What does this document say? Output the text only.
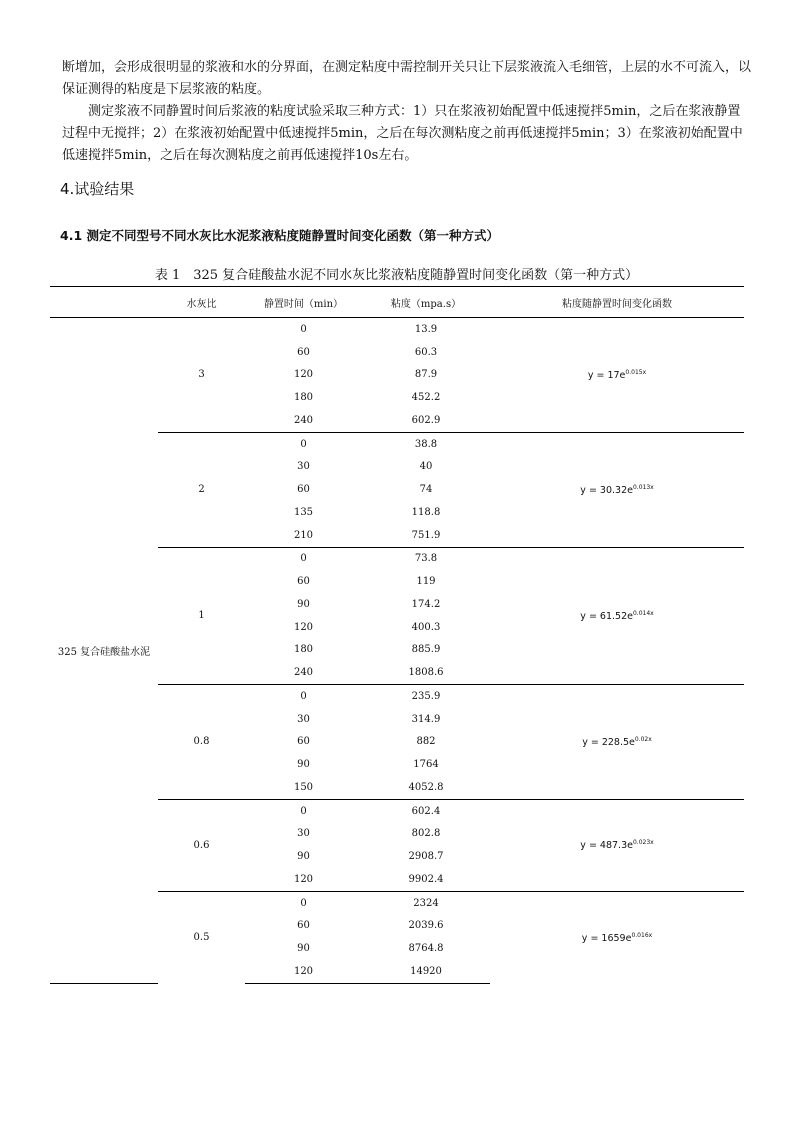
断增加，会形成很明显的浆液和水的分界面，在测定粘度中需控制开关只让下层浆液流入毛细管，上层的水不可流入，以保证测得的粘度是下层浆液的粘度。

测定浆液不同静置时间后浆液的粘度试验采取三种方式：1）只在浆液初始配置中低速搅拌5min，之后在浆液静置过程中无搅拌；2）在浆液初始配置中低速搅拌5min，之后在每次测粘度之前再低速搅拌5min；3）在浆液初始配置中低速搅拌5min，之后在每次测粘度之前再低速搅拌10s左右。

4.试验结果
4.1 测定不同型号不同水灰比水泥浆液粘度随静置时间变化函数（第一种方式）

表 1　325 复合硅酸盐水泥不同水灰比浆液粘度随静置时间变化函数（第一种方式）

	水灰比	静置时间（min）	粘度（mpa.s）	粘度随静置时间变化函数
325 复合硅酸盐水泥	3	0	13.9	$y = 17e^{0.015x}$
		60	60.3	
		120	87.9	
		180	452.2	
		240	602.9	
	2	0	38.8	$y = 30.32e^{0.013x}$
		30	40	
		60	74	
		135	118.8	
		210	751.9	
	1	0	73.8	$y = 61.52e^{0.014x}$
		60	119	
		90	174.2	
		120	400.3	
		180	885.9	
		240	1808.6	
	0.8	0	235.9	$y = 228.5e^{0.02x}$
		30	314.9	
		60	882	
		90	1764	
		150	4052.8	
	0.6	0	602.4	$y = 487.3e^{0.023x}$
		30	802.8	
		90	2908.7	
		120	9902.4	
	0.5	0	2324	$y = 1659e^{0.016x}$
		60	2039.6	
		90	8764.8	
		120	14920	
